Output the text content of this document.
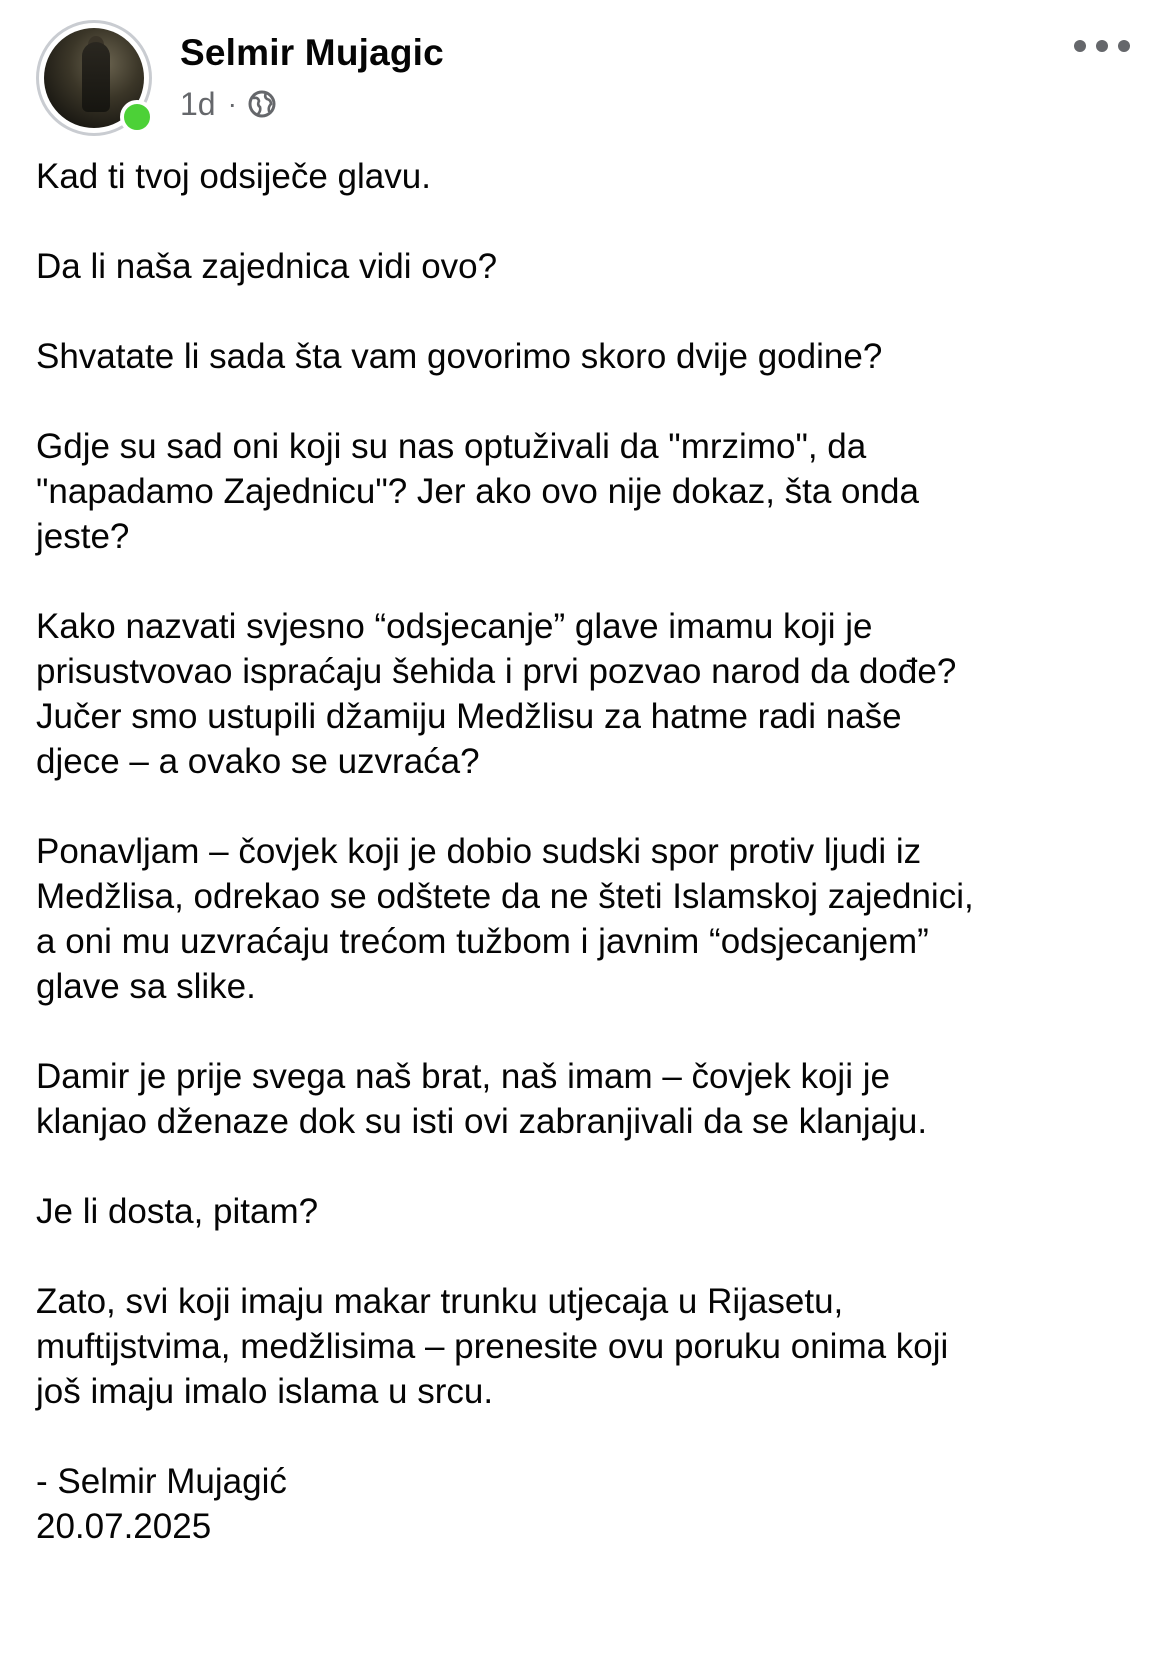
Selmir Mujagic
1d ·

Kad ti tvoj odsiječe glavu.

Da li naša zajednica vidi ovo?

Shvatate li sada šta vam govorimo skoro dvije godine?

Gdje su sad oni koji su nas optuživali da "mrzimo", da
"napadamo Zajednicu"? Jer ako ovo nije dokaz, šta onda
jeste?

Kako nazvati svjesno “odsjecanje” glave imamu koji je
prisustvovao ispraćaju šehida i prvi pozvao narod da dođe?
Jučer smo ustupili džamiju Medžlisu za hatme radi naše
djece – a ovako se uzvraća?

Ponavljam – čovjek koji je dobio sudski spor protiv ljudi iz
Medžlisa, odrekao se odštete da ne šteti Islamskoj zajednici,
a oni mu uzvraćaju trećom tužbom i javnim “odsjecanjem”
glave sa slike.

Damir je prije svega naš brat, naš imam – čovjek koji je
klanjao dženaze dok su isti ovi zabranjivali da se klanjaju.

Je li dosta, pitam?

Zato, svi koji imaju makar trunku utjecaja u Rijasetu,
muftijstvima, medžlisima – prenesite ovu poruku onima koji
još imaju imalo islama u srcu.

- Selmir Mujagić
20.07.2025
